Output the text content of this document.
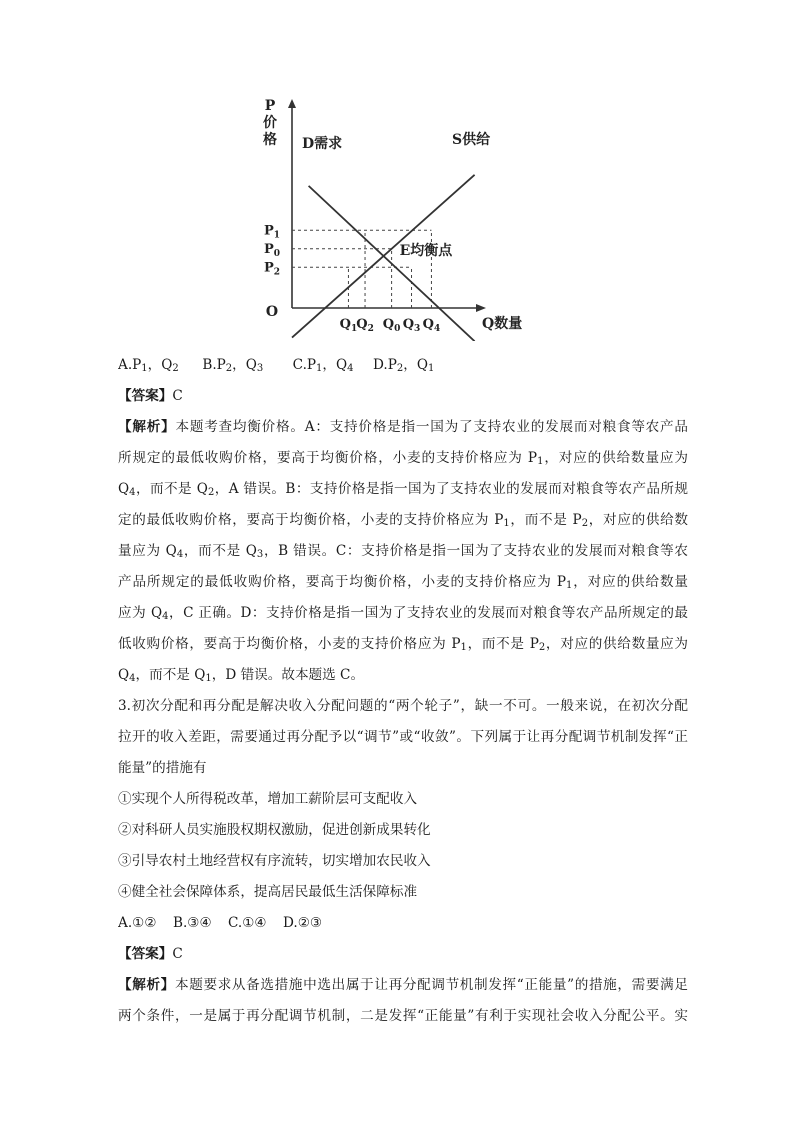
P
价
格
Q数量
O
D需求	S供给
E均衡点
$P_1$
$P_0$
$P_2$
$Q_1$ $Q_2$ $Q_0$ $Q_3$ $Q_4$
A.P1，Q2 B.P2，Q3 C.P1，Q4 D.P2，Q1
【答案】C
【解析】本题考查均衡价格。A：支持价格是指一国为了支持农业的发展而对粮食等农产品
所规定的最低收购价格，要高于均衡价格，小麦的支持价格应为 $P_1$，对应的供给数量应为
$Q_4$，而不是 $Q_2$，A 错误。B：支持价格是指一国为了支持农业的发展而对粮食等农产品所规
定的最低收购价格，要高于均衡价格，小麦的支持价格应为 $P_1$，而不是 $P_2$，对应的供给数
量应为 $Q_4$，而不是 $Q_3$，B 错误。C：支持价格是指一国为了支持农业的发展而对粮食等农
产品所规定的最低收购价格，要高于均衡价格，小麦的支持价格应为 $P_1$，对应的供给数量
应为 $Q_4$，C 正确。D：支持价格是指一国为了支持农业的发展而对粮食等农产品所规定的最
低收购价格，要高于均衡价格，小麦的支持价格应为 $P_1$，而不是 $P_2$，对应的供给数量应为
$Q_4$，而不是 $Q_1$，D 错误。故本题选 C。
3.初次分配和再分配是解决收入分配问题的“两个轮子”，缺一不可。一般来说，在初次分配
拉开的收入差距，需要通过再分配予以“调节”或“收敛”。下列属于让再分配调节机制发挥“正
能量”的措施有
①实现个人所得税改革，增加工薪阶层可支配收入
②对科研人员实施股权期权激励，促进创新成果转化
③引导农村土地经营权有序流转，切实增加农民收入
④健全社会保障体系，提高居民最低生活保障标准
A.①② B.③④ C.①④ D.②③
【答案】C
【解析】本题要求从备选措施中选出属于让再分配调节机制发挥“正能量”的措施，需要满足
两个条件，一是属于再分配调节机制，二是发挥“正能量”有利于实现社会收入分配公平。实
